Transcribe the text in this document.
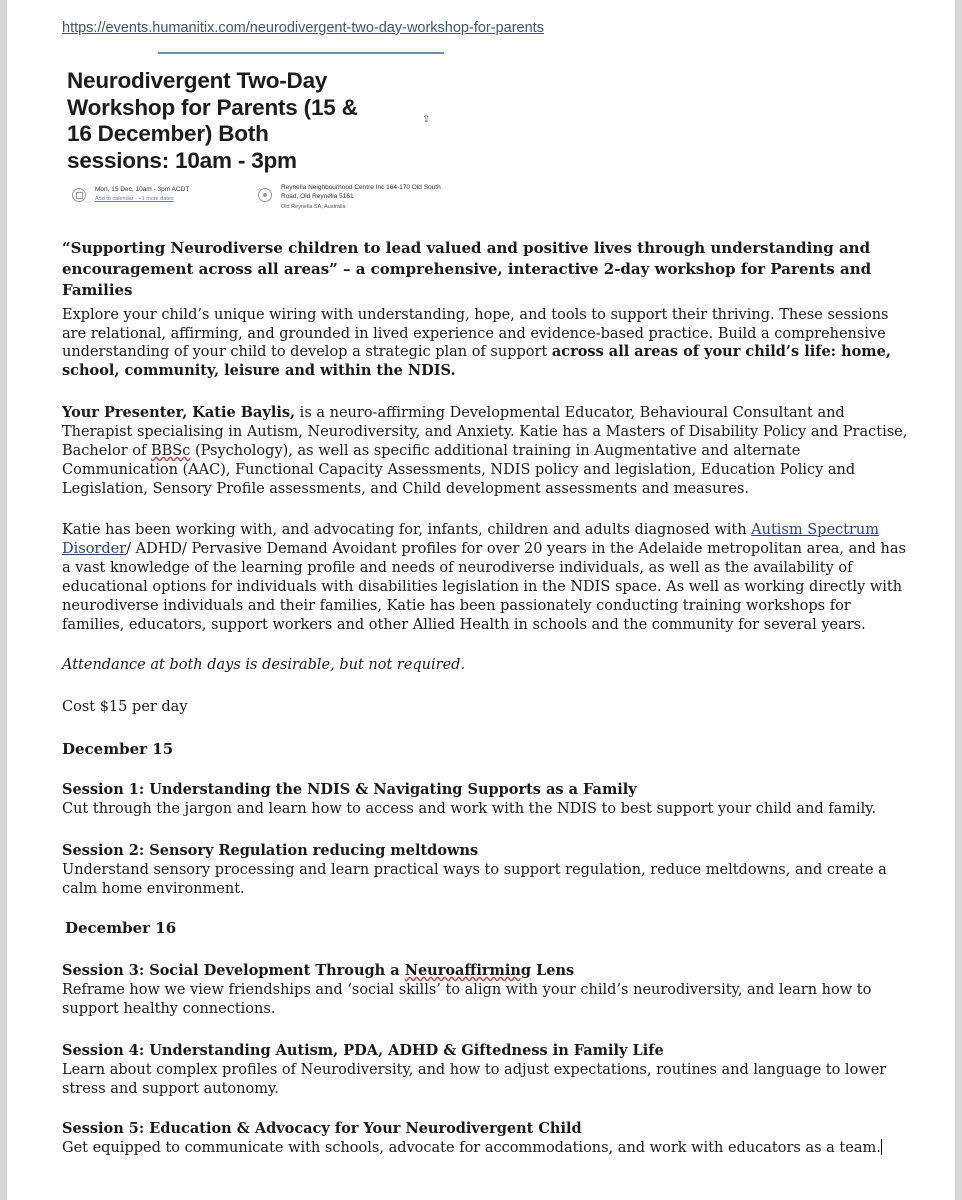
https://events.humanitix.com/neurodivergent-two-day-workshop-for-parents
Neurodivergent Two-Day Workshop for Parents (15 & 16 December) Both sessions: 10am - 3pm
⇪
Mon, 15 Dec, 10am - 3pm ACDT
Add to calendar · +1 more dates
Reynella Neighbourhood Centre Inc 164-170 Old South Road, Old Reynella 5161
Old Reynella SA, Australia

“Supporting Neurodiverse children to lead valued and positive lives through understanding and encouragement across all areas” – a comprehensive, interactive 2-day workshop for Parents and Families

Explore your child’s unique wiring with understanding, hope, and tools to support their thriving. These sessions are relational, affirming, and grounded in lived experience and evidence-based practice. Build a comprehensive understanding of your child to develop a strategic plan of support across all areas of your child’s life: home, school, community, leisure and within the NDIS.

Your Presenter, Katie Baylis, is a neuro-affirming Developmental Educator, Behavioural Consultant and Therapist specialising in Autism, Neurodiversity, and Anxiety. Katie has a Masters of Disability Policy and Practise, Bachelor of BBSc (Psychology), as well as specific additional training in Augmentative and alternate Communication (AAC), Functional Capacity Assessments, NDIS policy and legislation, Education Policy and Legislation, Sensory Profile assessments, and Child development assessments and measures.

Katie has been working with, and advocating for, infants, children and adults diagnosed with Autism Spectrum Disorder/ ADHD/ Pervasive Demand Avoidant profiles for over 20 years in the Adelaide metropolitan area, and has a vast knowledge of the learning profile and needs of neurodiverse individuals, as well as the availability of educational options for individuals with disabilities legislation in the NDIS space. As well as working directly with neurodiverse individuals and their families, Katie has been passionately conducting training workshops for families, educators, support workers and other Allied Health in schools and the community for several years.

Attendance at both days is desirable, but not required.

Cost $15 per day

December 15

Session 1: Understanding the NDIS & Navigating Supports as a Family
Cut through the jargon and learn how to access and work with the NDIS to best support your child and family.

Session 2: Sensory Regulation reducing meltdowns
Understand sensory processing and learn practical ways to support regulation, reduce meltdowns, and create a calm home environment.

December 16

Session 3: Social Development Through a Neuroaffirming Lens
Reframe how we view friendships and ‘social skills’ to align with your child’s neurodiversity, and learn how to support healthy connections.

Session 4: Understanding Autism, PDA, ADHD & Giftedness in Family Life
Learn about complex profiles of Neurodiversity, and how to adjust expectations, routines and language to lower stress and support autonomy.

Session 5: Education & Advocacy for Your Neurodivergent Child
Get equipped to communicate with schools, advocate for accommodations, and work with educators as a team.
